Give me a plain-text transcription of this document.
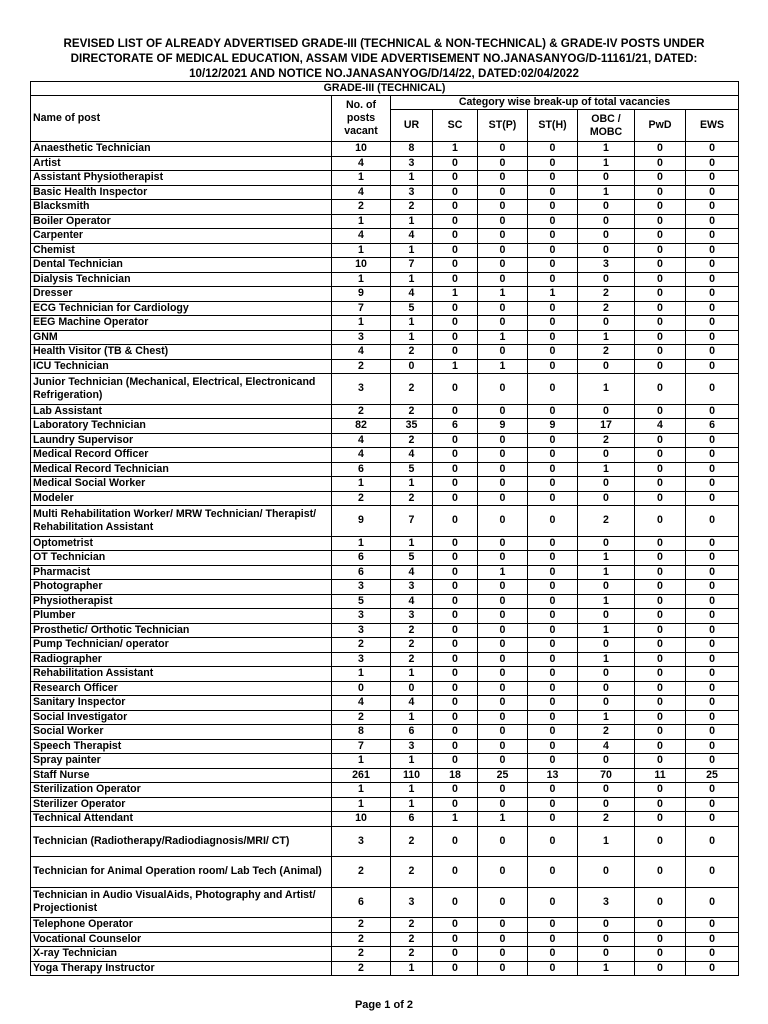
REVISED LIST OF ALREADY ADVERTISED GRADE-III (TECHNICAL & NON-TECHNICAL) & GRADE-IV POSTS UNDER
DIRECTORATE OF MEDICAL EDUCATION, ASSAM VIDE ADVERTISEMENT NO.JANASANYOG/D-11161/21, DATED:
10/12/2021 AND NOTICE NO.JANASANYOG/D/14/22, DATED:02/04/2022
GRADE-III (TECHNICAL)								
Name of post	No. of posts vacant	Category wise break-up of total vacancies						
		UR	SC	ST(P)	ST(H)	OBC / MOBC	PwD	EWS
Anaesthetic Technician	10	8	1	0	0	1	0	0
Artist	4	3	0	0	0	1	0	0
Assistant Physiotherapist	1	1	0	0	0	0	0	0
Basic Health Inspector	4	3	0	0	0	1	0	0
Blacksmith	2	2	0	0	0	0	0	0
Boiler Operator	1	1	0	0	0	0	0	0
Carpenter	4	4	0	0	0	0	0	0
Chemist	1	1	0	0	0	0	0	0
Dental Technician	10	7	0	0	0	3	0	0
Dialysis Technician	1	1	0	0	0	0	0	0
Dresser	9	4	1	1	1	2	0	0
ECG Technician for Cardiology	7	5	0	0	0	2	0	0
EEG Machine Operator	1	1	0	0	0	0	0	0
GNM	3	1	0	1	0	1	0	0
Health Visitor (TB & Chest)	4	2	0	0	0	2	0	0
ICU Technician	2	0	1	1	0	0	0	0
Junior Technician (Mechanical, Electrical, Electronicand Refrigeration)	3	2	0	0	0	1	0	0
Lab Assistant	2	2	0	0	0	0	0	0
Laboratory Technician	82	35	6	9	9	17	4	6
Laundry Supervisor	4	2	0	0	0	2	0	0
Medical Record Officer	4	4	0	0	0	0	0	0
Medical Record Technician	6	5	0	0	0	1	0	0
Medical Social Worker	1	1	0	0	0	0	0	0
Modeler	2	2	0	0	0	0	0	0
Multi Rehabilitation Worker/ MRW Technician/ Therapist/ Rehabilitation Assistant	9	7	0	0	0	2	0	0
Optometrist	1	1	0	0	0	0	0	0
OT Technician	6	5	0	0	0	1	0	0
Pharmacist	6	4	0	1	0	1	0	0
Photographer	3	3	0	0	0	0	0	0
Physiotherapist	5	4	0	0	0	1	0	0
Plumber	3	3	0	0	0	0	0	0
Prosthetic/ Orthotic Technician	3	2	0	0	0	1	0	0
Pump Technician/ operator	2	2	0	0	0	0	0	0
Radiographer	3	2	0	0	0	1	0	0
Rehabilitation Assistant	1	1	0	0	0	0	0	0
Research Officer	0	0	0	0	0	0	0	0
Sanitary Inspector	4	4	0	0	0	0	0	0
Social Investigator	2	1	0	0	0	1	0	0
Social Worker	8	6	0	0	0	2	0	0
Speech Therapist	7	3	0	0	0	4	0	0
Spray painter	1	1	0	0	0	0	0	0
Staff Nurse	261	110	18	25	13	70	11	25
Sterilization Operator	1	1	0	0	0	0	0	0
Sterilizer Operator	1	1	0	0	0	0	0	0
Technical Attendant	10	6	1	1	0	2	0	0
Technician (Radiotherapy/Radiodiagnosis/MRI/ CT)	3	2	0	0	0	1	0	0
Technician for Animal Operation room/ Lab Tech (Animal)	2	2	0	0	0	0	0	0
Technician in Audio VisualAids, Photography and Artist/ Projectionist	6	3	0	0	0	3	0	0
Telephone Operator	2	2	0	0	0	0	0	0
Vocational Counselor	2	2	0	0	0	0	0	0
X-ray Technician	2	2	0	0	0	0	0	0
Yoga Therapy Instructor	2	1	0	0	0	1	0	0
Page 1 of 2
